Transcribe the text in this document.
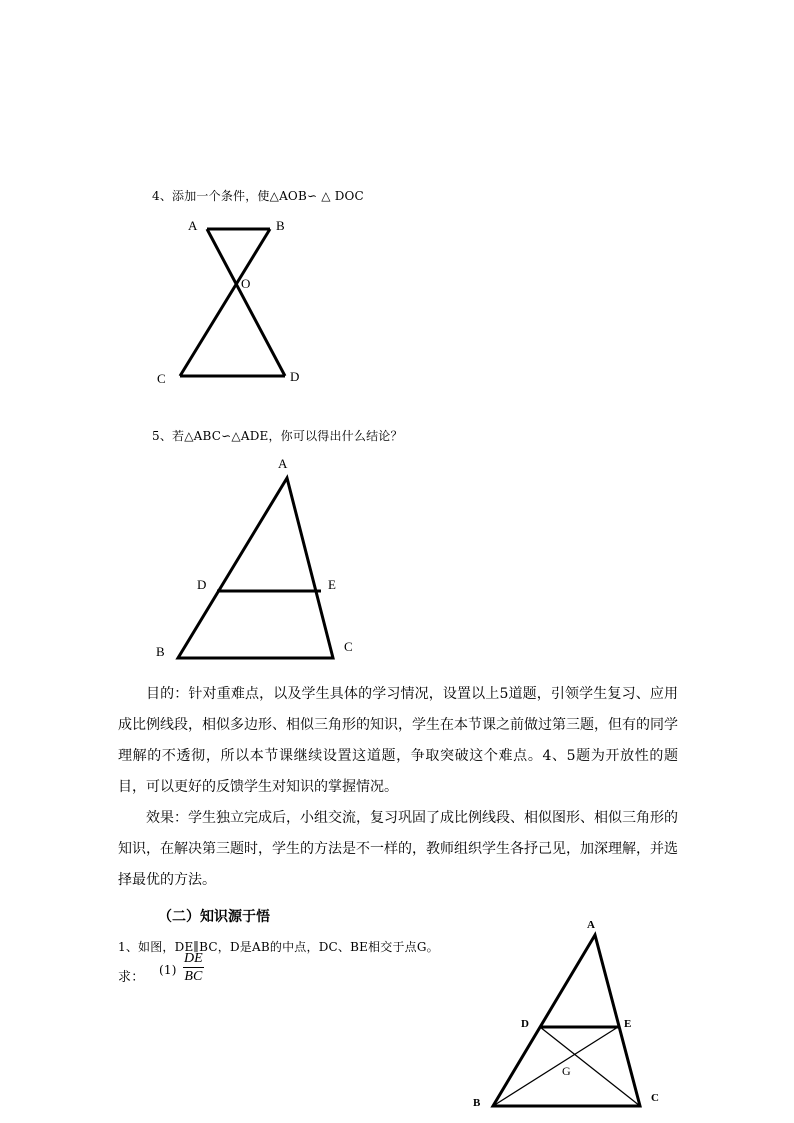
4、添加一个条件，使△AOB∽ △ DOC
A	B
O
C	D
5、若△ABC∽△ADE，你可以得出什么结论？
A
D	E
B	C
目的：针对重难点，以及学生具体的学习情况，设置以上5道题，引领学生复习、应用成比例线段，相似多边形、相似三角形的知识，学生在本节课之前做过第三题，但有的同学理解的不透彻，所以本节课继续设置这道题，争取突破这个难点。4、5题为开放性的题目，可以更好的反馈学生对知识的掌握情况。
效果：学生独立完成后，小组交流，复习巩固了成比例线段、相似图形、相似三角形的知识，在解决第三题时，学生的方法是不一样的，教师组织学生各抒己见，加深理解，并选择最优的方法。
（二）知识源于悟
1、如图，DE∥BC，D是AB的中点，DC、BE相交于点G。
求： $(1) \frac{DE}{BC}$
A
D	E
G
B	C
